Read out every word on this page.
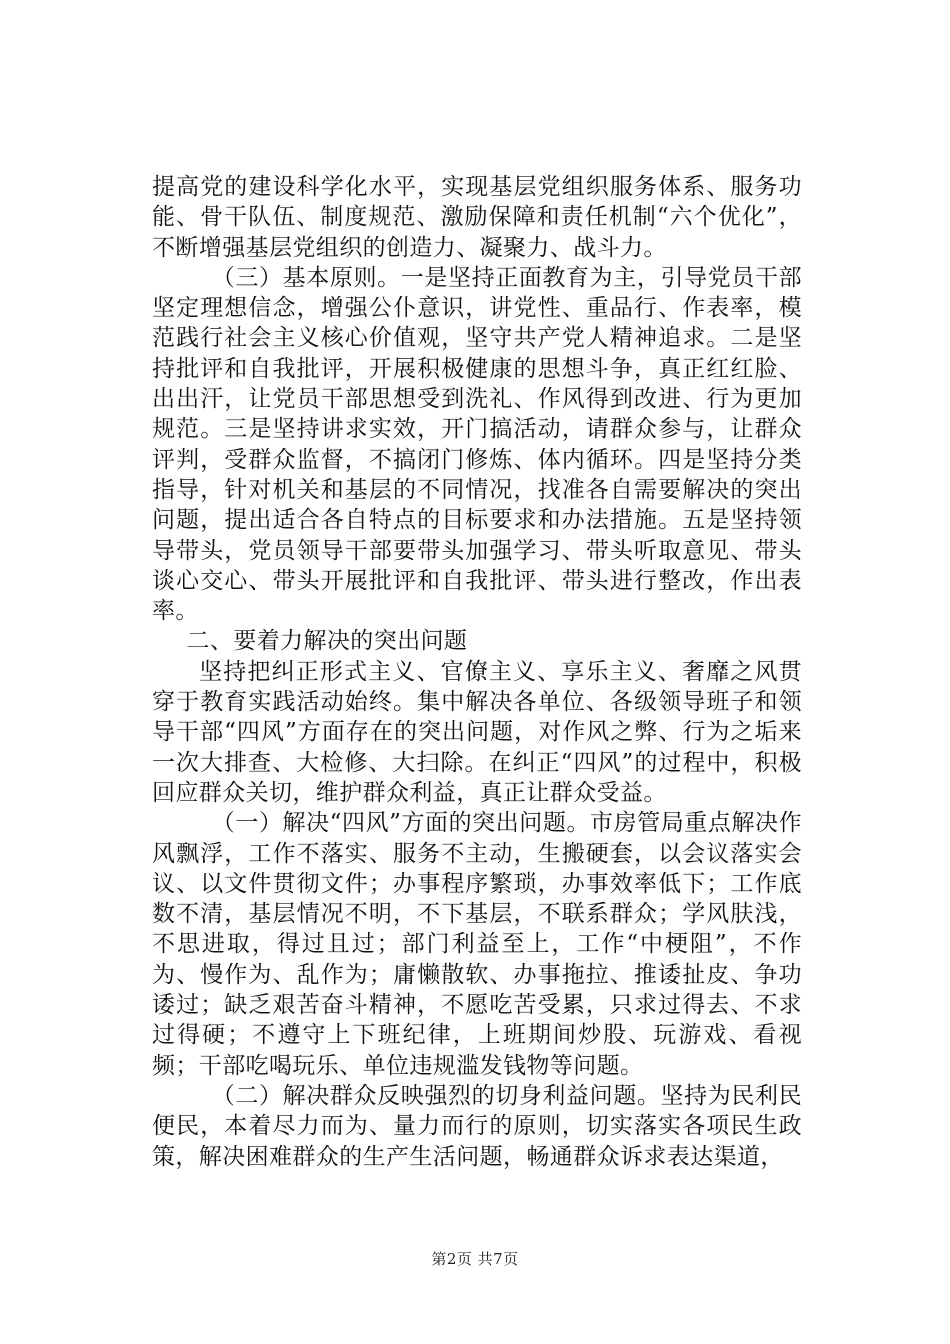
提高党的建设科学化水平，实现基层党组织服务体系、服务功能、骨干队伍、制度规范、激励保障和责任机制“六个优化”，不断增强基层党组织的创造力、凝聚力、战斗力。

（三）基本原则。一是坚持正面教育为主，引导党员干部坚定理想信念，增强公仆意识，讲党性、重品行、作表率，模范践行社会主义核心价值观，坚守共产党人精神追求。二是坚持批评和自我批评，开展积极健康的思想斗争，真正红红脸、出出汗，让党员干部思想受到洗礼、作风得到改进、行为更加规范。三是坚持讲求实效，开门搞活动，请群众参与，让群众评判，受群众监督，不搞闭门修炼、体内循环。四是坚持分类指导，针对机关和基层的不同情况，找准各自需要解决的突出问题，提出适合各自特点的目标要求和办法措施。五是坚持领导带头，党员领导干部要带头加强学习、带头听取意见、带头谈心交心、带头开展批评和自我批评、带头进行整改，作出表率。

二、要着力解决的突出问题

坚持把纠正形式主义、官僚主义、享乐主义、奢靡之风贯穿于教育实践活动始终。集中解决各单位、各级领导班子和领导干部“四风”方面存在的突出问题，对作风之弊、行为之垢来一次大排查、大检修、大扫除。在纠正“四风”的过程中，积极回应群众关切，维护群众利益，真正让群众受益。

（一）解决“四风”方面的突出问题。市房管局重点解决作风飘浮，工作不落实、服务不主动，生搬硬套，以会议落实会议、以文件贯彻文件；办事程序繁琐，办事效率低下；工作底数不清，基层情况不明，不下基层，不联系群众；学风肤浅，不思进取，得过且过；部门利益至上，工作“中梗阻”，不作为、慢作为、乱作为；庸懒散软、办事拖拉、推诿扯皮、争功诿过；缺乏艰苦奋斗精神，不愿吃苦受累，只求过得去、不求过得硬；不遵守上下班纪律，上班期间炒股、玩游戏、看视频；干部吃喝玩乐、单位违规滥发钱物等问题。

（二）解决群众反映强烈的切身利益问题。坚持为民利民便民，本着尽力而为、量力而行的原则，切实落实各项民生政策，解决困难群众的生产生活问题，畅通群众诉求表达渠道，

第2页 共7页
